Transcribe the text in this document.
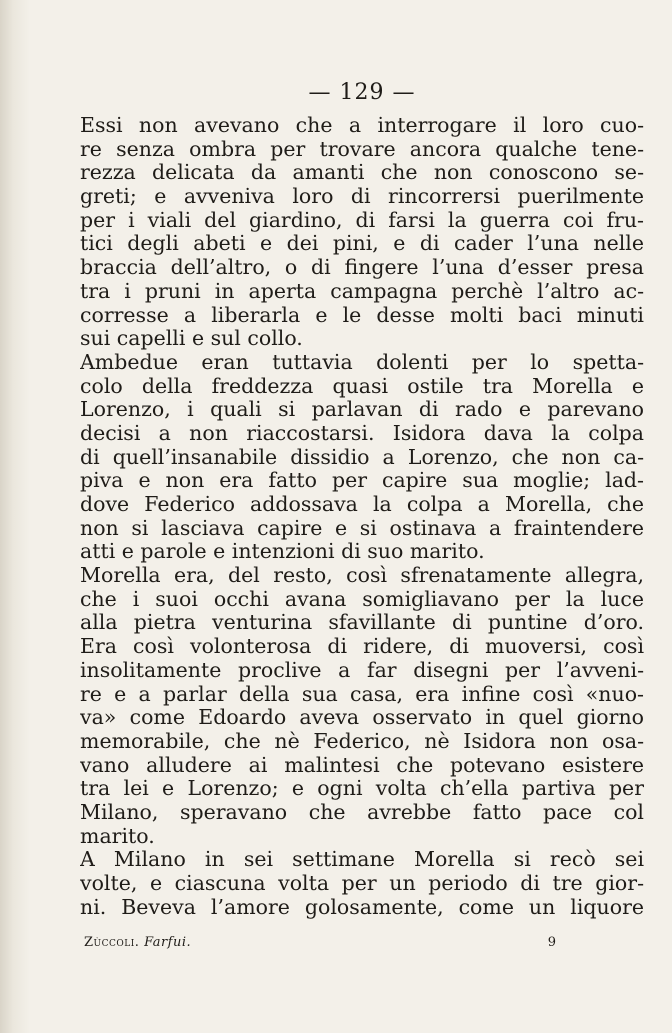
— 129 —
Essi non avevano che a interrogare il loro cuo-
re senza ombra per trovare ancora qualche tene-
rezza delicata da amanti che non conoscono se-
greti; e avveniva loro di rincorrersi puerilmente
per i viali del giardino, di farsi la guerra coi fru-
tici degli abeti e dei pini, e di cader l’una nelle
braccia dell’altro, o di fingere l’una d’esser presa
tra i pruni in aperta campagna perchè l’altro ac-
corresse a liberarla e le desse molti baci minuti
sui capelli e sul collo.
Ambedue eran tuttavia dolenti per lo spetta-
colo della freddezza quasi ostile tra Morella e
Lorenzo, i quali si parlavan di rado e parevano
decisi a non riaccostarsi. Isidora dava la colpa
di quell’insanabile dissidio a Lorenzo, che non ca-
piva e non era fatto per capire sua moglie; lad-
dove Federico addossava la colpa a Morella, che
non si lasciava capire e si ostinava a fraintendere
atti e parole e intenzioni di suo marito.
Morella era, del resto, così sfrenatamente allegra,
che i suoi occhi avana somigliavano per la luce
alla pietra venturina sfavillante di puntine d’oro.
Era così volonterosa di ridere, di muoversi, così
insolitamente proclive a far disegni per l’avveni-
re e a parlar della sua casa, era infine così «nuo-
va» come Edoardo aveva osservato in quel giorno
memorabile, che nè Federico, nè Isidora non osa-
vano alludere ai malintesi che potevano esistere
tra lei e Lorenzo; e ogni volta ch’ella partiva per
Milano, speravano che avrebbe fatto pace col
marito.
A Milano in sei settimane Morella si recò sei
volte, e ciascuna volta per un periodo di tre gior-
ni. Beveva l’amore golosamente, come un liquore
Zùccoli. Farfui.	9
